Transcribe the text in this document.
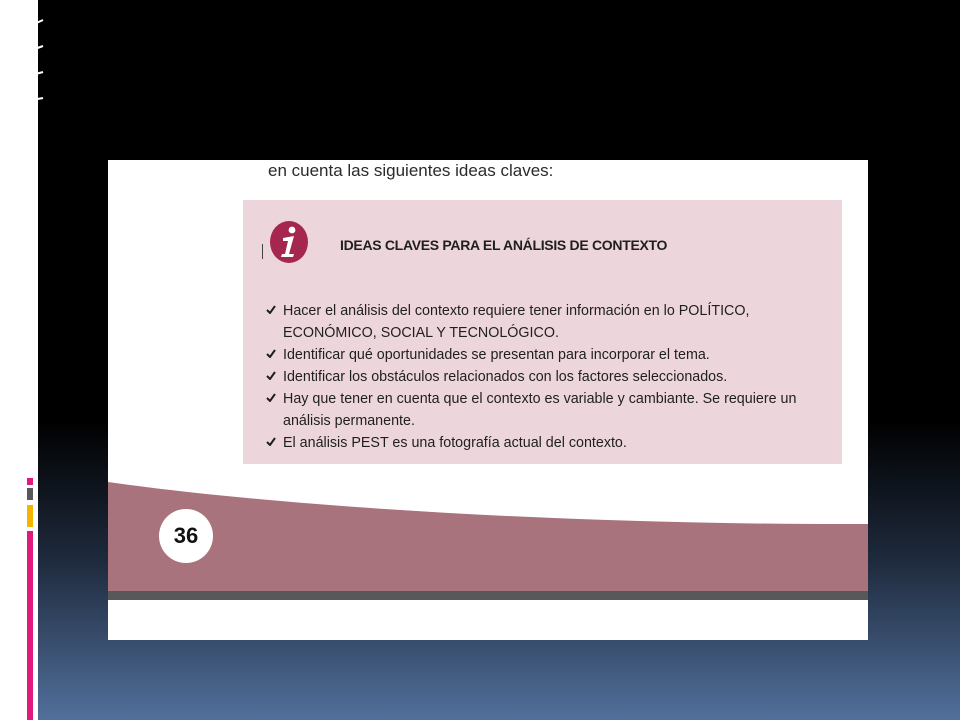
en cuenta las siguientes ideas claves:
IDEAS CLAVES PARA EL ANÁLISIS DE CONTEXTO
Hacer el análisis del contexto requiere tener información en lo POLÍTICO, ECONÓMICO, SOCIAL Y TECNOLÓGICO.
Identificar qué oportunidades se presentan para incorporar el tema.
Identificar los obstáculos relacionados con los factores seleccionados.
Hay que tener en cuenta que el contexto es variable y cambiante. Se requiere un análisis permanente.
El análisis PEST es una fotografía actual del contexto.
36
